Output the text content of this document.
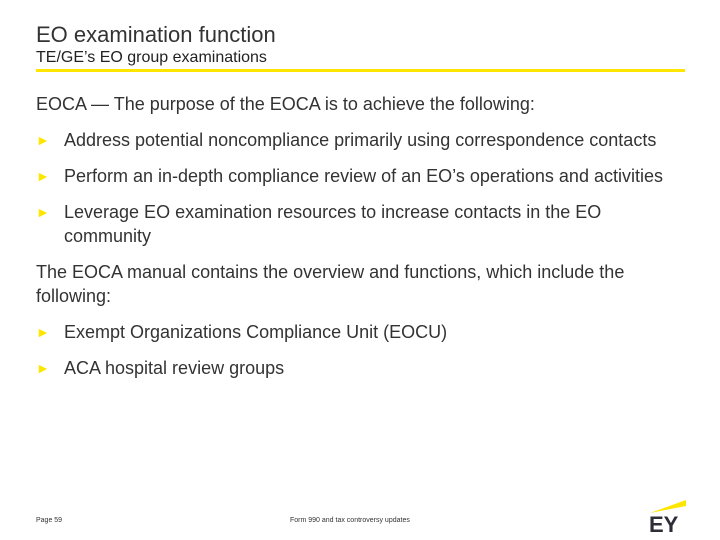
EO examination function
TE/GE’s EO group examinations

EOCA — The purpose of the EOCA is to achieve the following:

► Address potential noncompliance primarily using correspondence contacts
► Perform an in-depth compliance review of an EO’s operations and activities
► Leverage EO examination resources to increase contacts in the EO community

The EOCA manual contains the overview and functions, which include the following:

► Exempt Organizations Compliance Unit (EOCU)
► ACA hospital review groups
Page 59	Form 990 and tax controversy updates	EY
